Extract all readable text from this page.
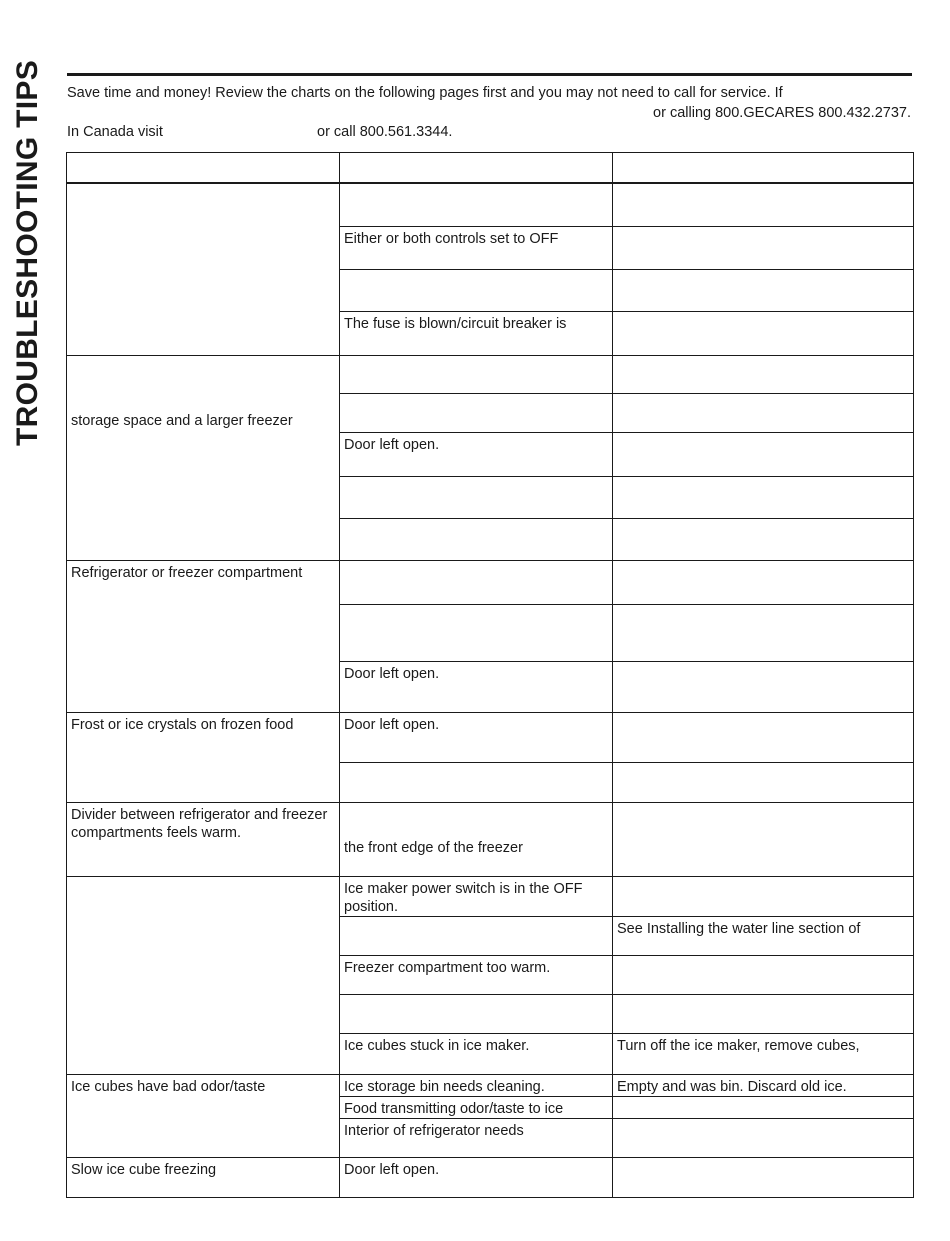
TROUBLESHOOTING TIPS Save time and money! Review the charts on the following pages first and you may not need to call for service. If
or calling 800.GECARES 800.432.2737.
In Canada visit	or call 800.561.3344.

	Either or both controls set to OFF	

	The fuse is blown/circuit breaker is	
storage space and a larger freezer		

	Door left open.	

Refrigerator or freezer compartment		

	Door left open.	
Frost or ice crystals on frozen food	Door left open.	

Divider between refrigerator and freezer compartments feels warm.	the front edge of the freezer	
	Ice maker power switch is in the OFF position.	
		See Installing the water line section of
	Freezer compartment too warm.	

	Ice cubes stuck in ice maker.	Turn off the ice maker, remove cubes,
Ice cubes have bad odor/taste	Ice storage bin needs cleaning.	Empty and was bin. Discard old ice.
	Food transmitting odor/taste to ice	
	Interior of refrigerator needs	
Slow ice cube freezing	Door left open.	
